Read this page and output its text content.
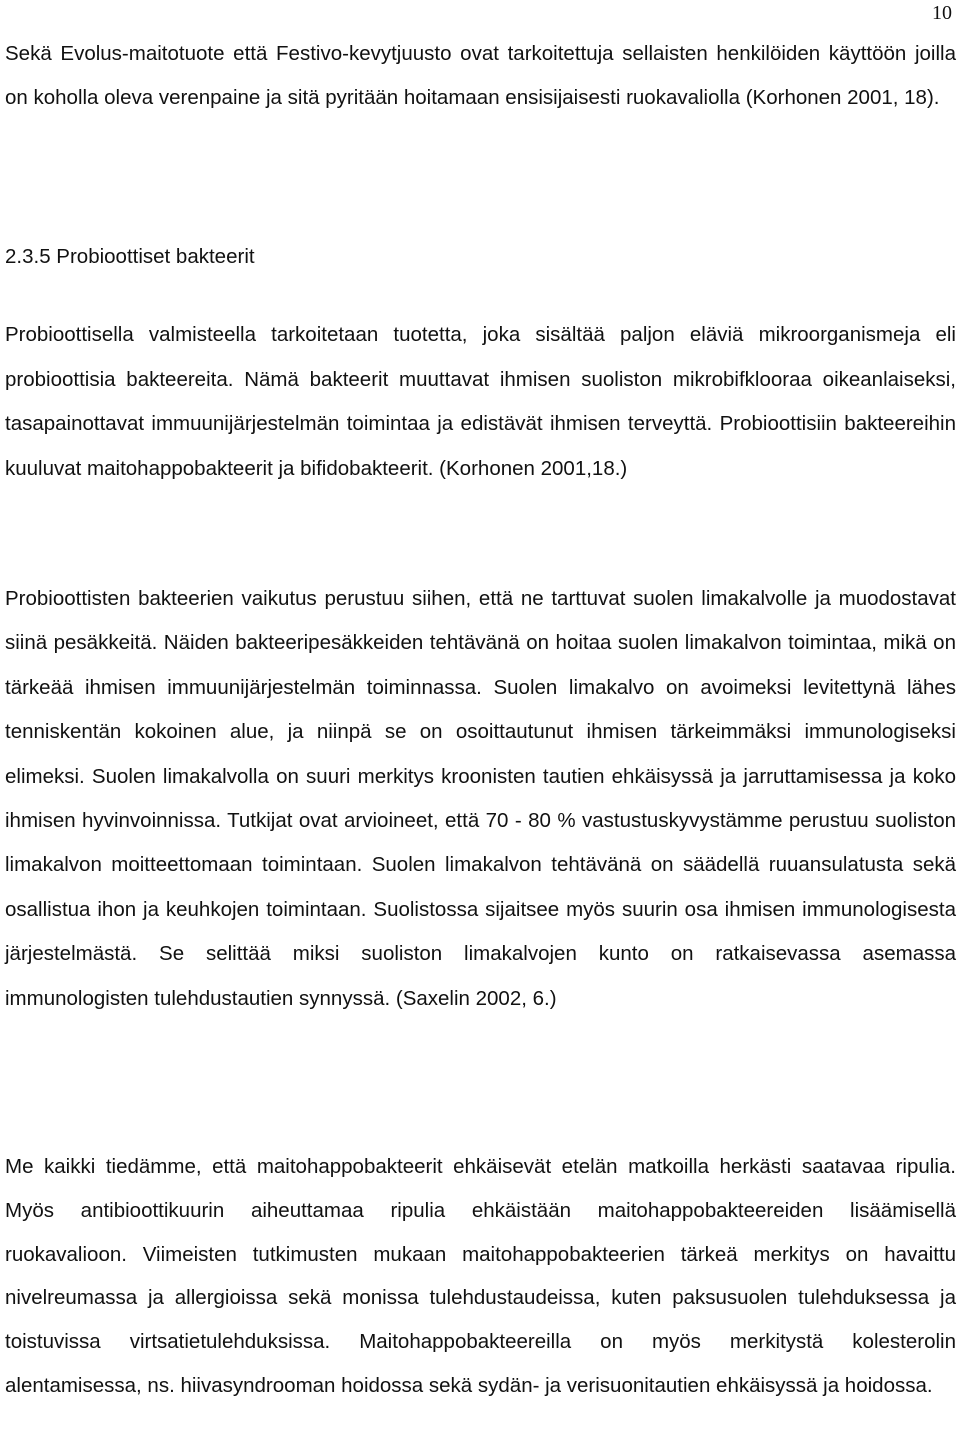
10

Sekä Evolus-maitotuote että Festivo-kevytjuusto ovat tarkoitettuja sellaisten henkilöiden käyttöön joilla on koholla oleva verenpaine ja sitä pyritään hoitamaan ensisijaisesti ruokavaliolla (Korhonen 2001, 18).

2.3.5 Probioottiset bakteerit

Probioottisella valmisteella tarkoitetaan tuotetta, joka sisältää paljon eläviä mikroorganismeja eli probioottisia bakteereita. Nämä bakteerit muuttavat ihmisen suoliston mikrobifklooraa oikeanlaiseksi, tasapainottavat immuunijärjestelmän toimintaa ja edistävät ihmisen terveyttä. Probioottisiin bakteereihin kuuluvat maitohappobakteerit ja bifidobakteerit. (Korhonen 2001,18.)

Probioottisten bakteerien vaikutus perustuu siihen, että ne tarttuvat suolen limakalvolle ja muodostavat siinä pesäkkeitä. Näiden bakteeripesäkkeiden tehtävänä on hoitaa suolen limakalvon toimintaa, mikä on tärkeää ihmisen immuunijärjestelmän toiminnassa. Suolen limakalvo on avoimeksi levitettynä lähes tenniskentän kokoinen alue, ja niinpä se on osoittautunut ihmisen tärkeimmäksi immunologiseksi elimeksi. Suolen limakalvolla on suuri merkitys kroonisten tautien ehkäisyssä ja jarruttamisessa ja koko ihmisen hyvinvoinnissa. Tutkijat ovat arvioineet, että 70 - 80 % vastustuskyvystämme perustuu suoliston limakalvon moitteettomaan toimintaan. Suolen limakalvon tehtävänä on säädellä ruuansulatusta sekä osallistua ihon ja keuhkojen toimintaan. Suolistossa sijaitsee myös suurin osa ihmisen immunologisesta järjestelmästä. Se selittää miksi suoliston limakalvojen kunto on ratkaisevassa asemassa immunologisten tulehdustautien synnyssä. (Saxelin 2002, 6.)

Me kaikki tiedämme, että maitohappobakteerit ehkäisevät etelän matkoilla herkästi saatavaa ripulia. Myös antibioottikuurin aiheuttamaa ripulia ehkäistään maitohappobakteereiden lisäämisellä ruokavalioon. Viimeisten tutkimusten mukaan maitohappobakteerien tärkeä merkitys on havaittu nivelreumassa ja allergioissa sekä monissa tulehdustaudeissa, kuten paksusuolen tulehduksessa ja toistuvissa virtsatietulehduksissa. Maitohappobakteereilla on myös merkitystä kolesterolin alentamisessa, ns. hiivasyndrooman hoidossa sekä sydän- ja verisuonitautien ehkäisyssä ja hoidossa.
